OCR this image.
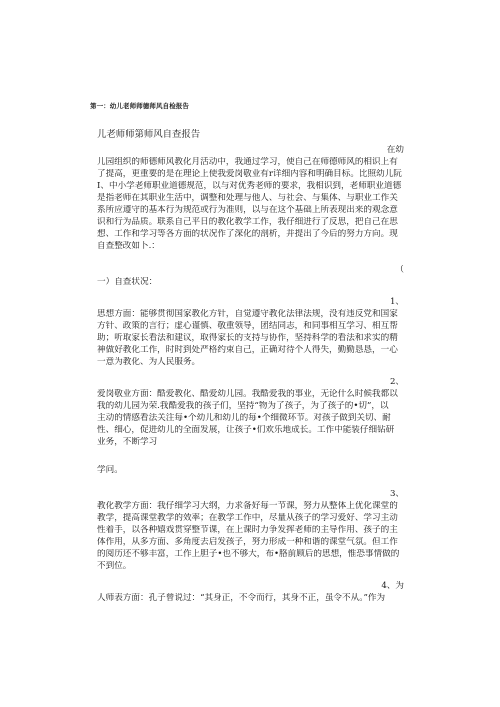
第一：幼儿老师师德师风自检报告
儿老师师第师风自查报告
在幼
儿园组织的师德师风教化月活动中，我通过学习，使自己在师德师风的相识上有
了提高，更重要的是在理论上使我爱岗敬业有r详细内容和明确目标。比照幼儿阮
Ⅰ、中小学老师职业道德规范，以与对优秀老师的要求，我相识到，老师职业道德
是指老师在其职业生活中，调整和处理与他人、与社会、与集体、与职业工作关
系所应遵守的基本行为规范或行为准则，以与在这个基础上所表现出来的观念意
识和行为品质。联系自己平日的教化教学工作，我仔细进行了反思，把自己在思
想、工作和学习等各方面的状况作了深化的剖析，并提出了今后的努力方向。现
自查整改如卜.：
（
一）自查状况：
1、
思想方面：能够贯彻国家教化方针，自觉遵守教化法律法规，没有违反党和国家
方针、政策的言行；虚心谨慎、敬重领导，团结同志，和同事相互学习、相互帮
助；听取家长看法和建议，取得家长的支持与协作，坚持科学的看法和求实的精
神做好教化工作，时时到处严格约束自己，正确对待个人得失，勤勤恳恳，一心
一意为教化、为人民服务。
2、
爱岗敬业方面：酷爱教化、酷爱幼儿园。我酷爱我的事业，无论什么时候我都以
我的幼儿园为荣.我酷爱我的孩子们，坚持“物为了孩子，为了孩子的•切”，以
主动的情感看法关注每•个幼儿和幼儿的每•个细微环节。对孩子做到关切、耐
性、细心，促进幼儿的全面发展，让孩子•们欢乐地成长。工作中能装仔细钻研
业务，不断学习
学问。
3、
教化教学方面：我仔细学习大纲，力求备好每一节课，努力从整体上优化课堂的
教学，提高课堂教学的效率；在教学工作中，尽量从孩子的学习爱好、学习主动
性着手，以各种嬉戏贯穿整节课，在上课时力争发挥老师的主导作用、孩子的主
体作用，从多方面、多角度去启发孩子，努力形成一种和谐的课堂气氛。但工作
的阅历还不够丰富，工作上胆子•也不够大，布•胳前顾后的思想，惟恐事情做的
不到位。
4、为
人师表方面：孔子曾说过：“其身正，不令而行，其身不正，虽令不从。”作为
